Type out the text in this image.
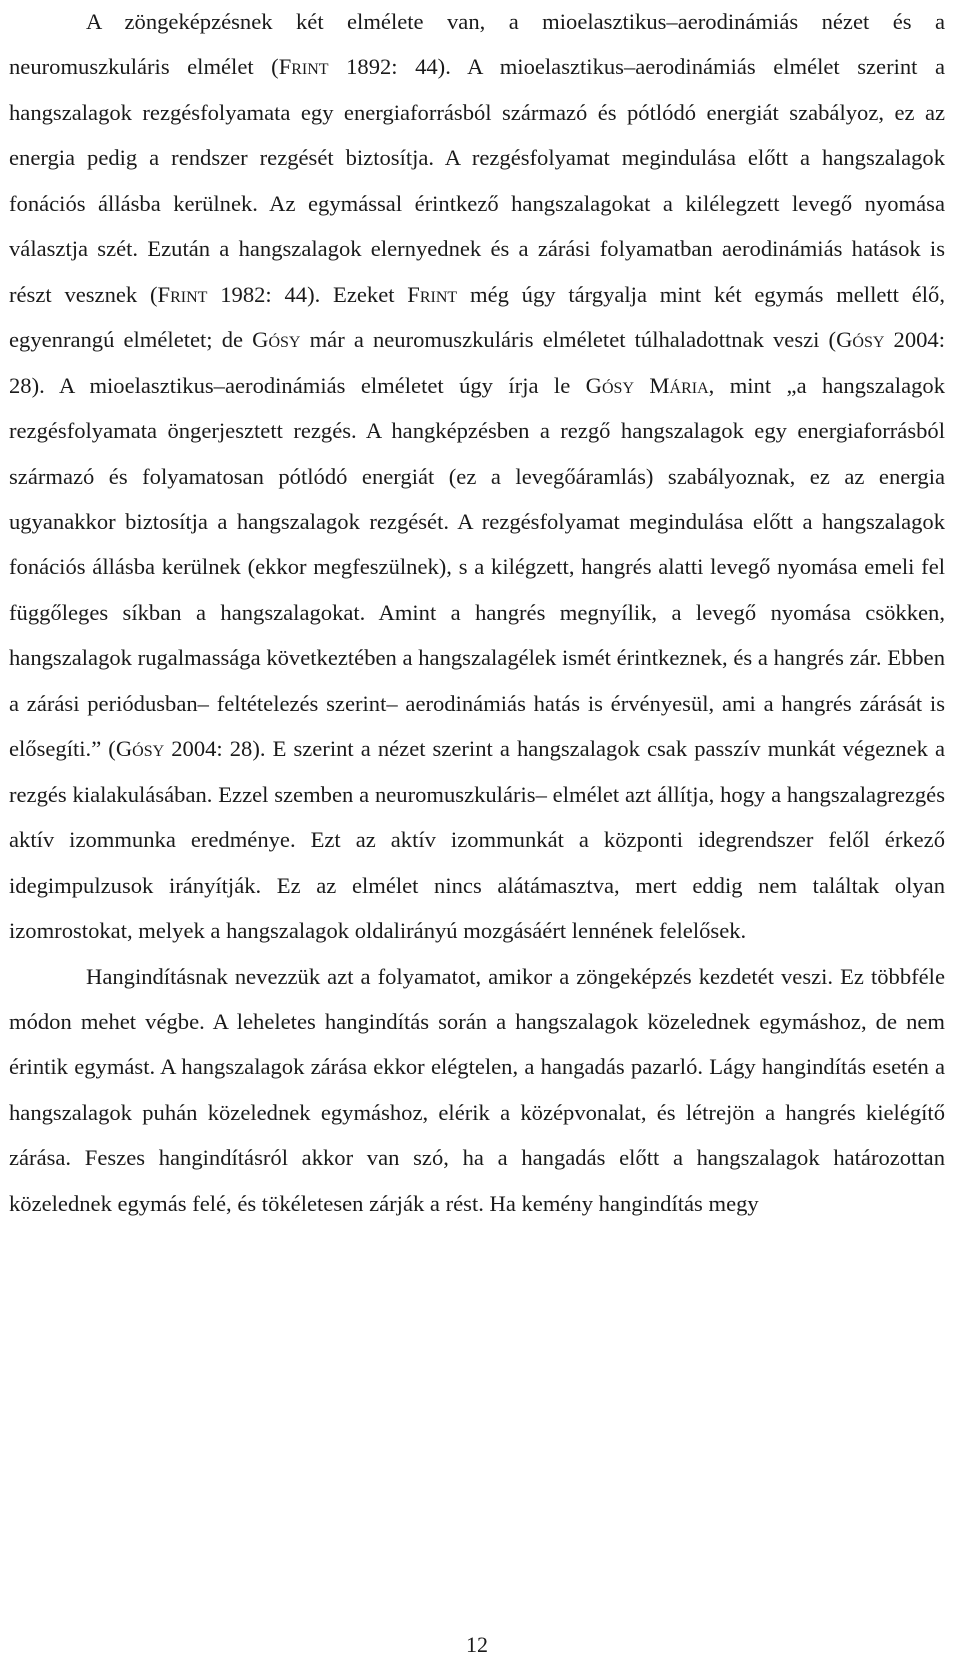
A zöngeképzésnek két elmélete van, a mioelasztikus–aerodinámiás nézet és a neuromuszkuláris elmélet (Frint 1892: 44). A mioelasztikus–aerodinámiás elmélet szerint a hangszalagok rezgésfolyamata egy energiaforrásból származó és pótlódó energiát szabályoz, ez az energia pedig a rendszer rezgését biztosítja. A rezgésfolyamat megindulása előtt a hangszalagok fonációs állásba kerülnek. Az egymással érintkező hangszalagokat a kilélegzett levegő nyomása választja szét. Ezután a hangszalagok elernyednek és a zárási folyamatban aerodinámiás hatások is részt vesznek (Frint 1982: 44). Ezeket Frint még úgy tárgyalja mint két egymás mellett élő, egyenrangú elméletet; de Gósy már a neuromuszkuláris elméletet túlhaladottnak veszi (Gósy 2004: 28). A mioelasztikus–aerodinámiás elméletet úgy írja le Gósy Mária, mint „a hangszalagok rezgésfolyamata öngerjesztett rezgés. A hangképzésben a rezgő hangszalagok egy energiaforrásból származó és folyamatosan pótlódó energiát (ez a levegőáramlás) szabályoznak, ez az energia ugyanakkor biztosítja a hangszalagok rezgését. A rezgésfolyamat megindulása előtt a hangszalagok fonációs állásba kerülnek (ekkor megfeszülnek), s a kilégzett, hangrés alatti levegő nyomása emeli fel függőleges síkban a hangszalagokat. Amint a hangrés megnyílik, a levegő nyomása csökken, hangszalagok rugalmassága következtében a hangszalagélek ismét érintkeznek, és a hangrés zár. Ebben a zárási periódusban– feltételezés szerint– aerodinámiás hatás is érvényesül, ami a hangrés zárását is elősegíti.” (Gósy 2004: 28). E szerint a nézet szerint a hangszalagok csak passzív munkát végeznek a rezgés kialakulásában. Ezzel szemben a neuromuszkuláris– elmélet azt állítja, hogy a hangszalagrezgés aktív izommunka eredménye. Ezt az aktív izommunkát a központi idegrendszer felől érkező idegimpulzusok irányítják. Ez az elmélet nincs alátámasztva, mert eddig nem találtak olyan izomrostokat, melyek a hangszalagok oldalirányú mozgásáért lennének felelősek.

Hangindításnak nevezzük azt a folyamatot, amikor a zöngeképzés kezdetét veszi. Ez többféle módon mehet végbe. A leheletes hangindítás során a hangszalagok közelednek egymáshoz, de nem érintik egymást. A hangszalagok zárása ekkor elégtelen, a hangadás pazarló. Lágy hangindítás esetén a hangszalagok puhán közelednek egymáshoz, elérik a középvonalat, és létrejön a hangrés kielégítő zárása. Feszes hangindításról akkor van szó, ha a hangadás előtt a hangszalagok határozottan közelednek egymás felé, és tökéletesen zárják a rést. Ha kemény hangindítás megy

12
